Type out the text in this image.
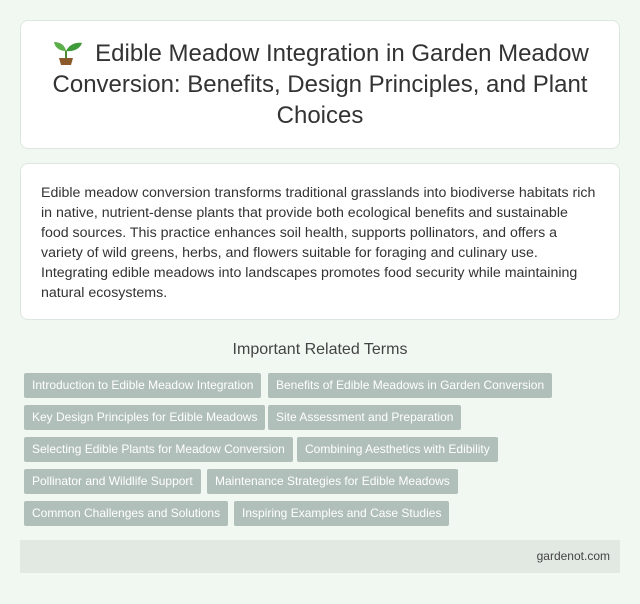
Edible Meadow Integration in Garden Meadow Conversion: Benefits, Design Principles, and Plant Choices

Edible meadow conversion transforms traditional grasslands into biodiverse habitats rich in native, nutrient-dense plants that provide both ecological benefits and sustainable food sources. This practice enhances soil health, supports pollinators, and offers a variety of wild greens, herbs, and flowers suitable for foraging and culinary use. Integrating edible meadows into landscapes promotes food security while maintaining natural ecosystems.

Important Related Terms
Introduction to Edible Meadow Integration	Benefits of Edible Meadows in Garden Conversion
Key Design Principles for Edible Meadows	Site Assessment and Preparation
Selecting Edible Plants for Meadow Conversion	Combining Aesthetics with Edibility
Pollinator and Wildlife Support	Maintenance Strategies for Edible Meadows
Common Challenges and Solutions	Inspiring Examples and Case Studies
gardenot.com
